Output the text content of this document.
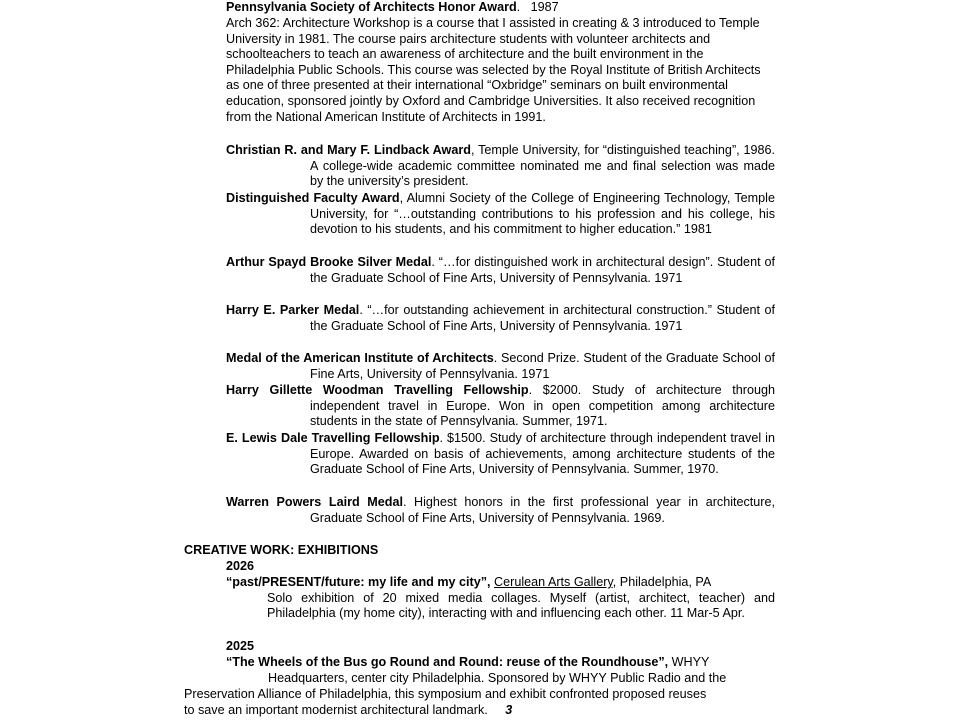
Pennsylvania Society of Architects Honor Award.   1987
Arch 362: Architecture Workshop is a course that I assisted in creating & 3 introduced to Temple University in 1981. The course pairs architecture students with volunteer architects and schoolteachers to teach an awareness of architecture and the built environment in the Philadelphia Public Schools. This course was selected by the Royal Institute of British Architects as one of three presented at their international “Oxbridge” seminars on built environmental education, sponsored jointly by Oxford and Cambridge Universities. It also received recognition from the National American Institute of Architects in 1991.
Christian R. and Mary F. Lindback Award, Temple University, for “distinguished teaching”, 1986. A college-wide academic committee nominated me and final selection was made by the university’s president.
Distinguished Faculty Award, Alumni Society of the College of Engineering Technology, Temple University, for “…outstanding contributions to his profession and his college, his devotion to his students, and his commitment to higher education.” 1981
Arthur Spayd Brooke Silver Medal. “…for distinguished work in architectural design”. Student of the Graduate School of Fine Arts, University of Pennsylvania. 1971
Harry E. Parker Medal. “…for outstanding achievement in architectural construction.” Student of the Graduate School of Fine Arts, University of Pennsylvania. 1971
Medal of the American Institute of Architects. Second Prize. Student of the Graduate School of Fine Arts, University of Pennsylvania. 1971
Harry Gillette Woodman Travelling Fellowship. $2000. Study of architecture through independent travel in Europe. Won in open competition among architecture students in the state of Pennsylvania. Summer, 1971.
E. Lewis Dale Travelling Fellowship. $1500. Study of architecture through independent travel in Europe. Awarded on basis of achievements, among architecture students of the Graduate School of Fine Arts, University of Pennsylvania. Summer, 1970.
Warren Powers Laird Medal. Highest honors in the first professional year in architecture, Graduate School of Fine Arts, University of Pennsylvania. 1969.
CREATIVE WORK: EXHIBITIONS
2026
“past/PRESENT/future: my life and my city”, Cerulean Arts Gallery, Philadelphia, PA
Solo exhibition of 20 mixed media collages. Myself (artist, architect, teacher) and Philadelphia (my home city), interacting with and influencing each other. 11 Mar-5 Apr.
2025
“The Wheels of the Bus go Round and Round: reuse of the Roundhouse”, WHYY
Headquarters, center city Philadelphia. Sponsored by WHYY Public Radio and the
Preservation Alliance of Philadelphia, this symposium and exhibit confronted proposed reuses
to save an important modernist architectural landmark. 3
